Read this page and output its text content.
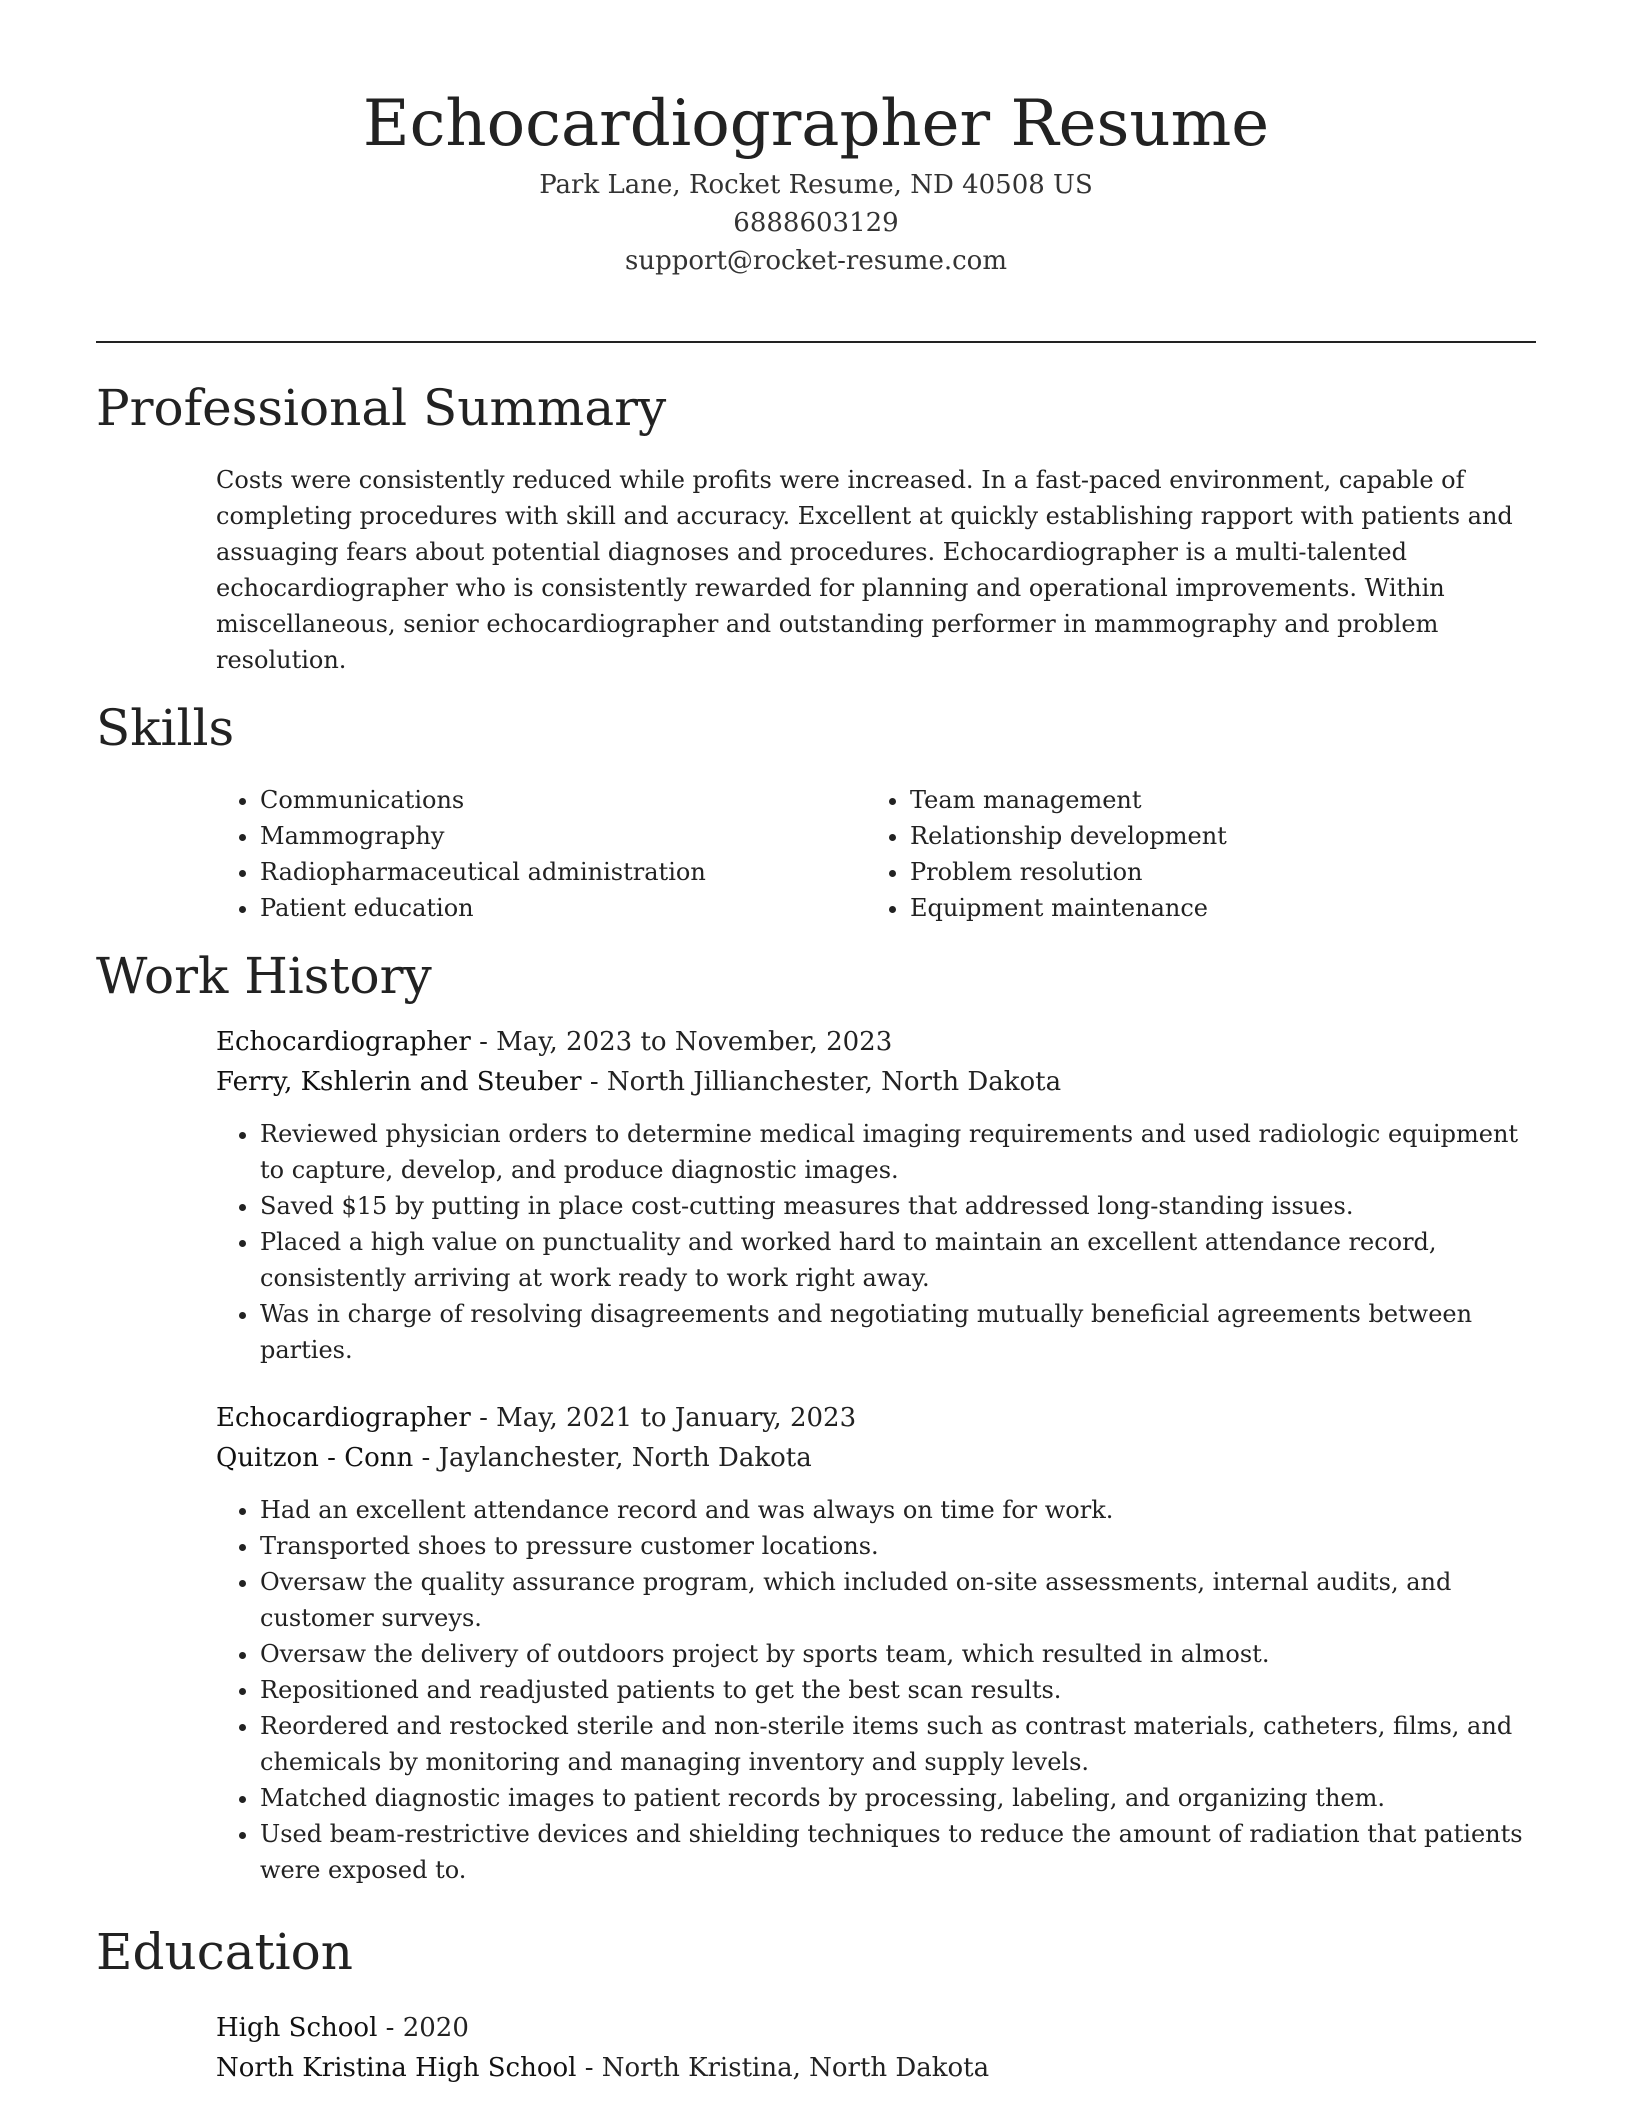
Echocardiographer Resume
Park Lane, Rocket Resume, ND 40508 US
6888603129
support@rocket-resume.com
Professional Summary
Costs were consistently reduced while profits were increased. In a fast-paced environment, capable of completing procedures with skill and accuracy. Excellent at quickly establishing rapport with patients and assuaging fears about potential diagnoses and procedures. Echocardiographer is a multi-talented echocardiographer who is consistently rewarded for planning and operational improvements. Within miscellaneous, senior echocardiographer and outstanding performer in mammography and problem resolution.
Skills
• Communications
• Mammography
• Radiopharmaceutical administration
• Patient education
• Team management
• Relationship development
• Problem resolution
• Equipment maintenance
Work History
Echocardiographer - May, 2023 to November, 2023
Ferry, Kshlerin and Steuber - North Jillianchester, North Dakota
• Reviewed physician orders to determine medical imaging requirements and used radiologic equipment to capture, develop, and produce diagnostic images.
• Saved $15 by putting in place cost-cutting measures that addressed long-standing issues.
• Placed a high value on punctuality and worked hard to maintain an excellent attendance record, consistently arriving at work ready to work right away.
• Was in charge of resolving disagreements and negotiating mutually beneficial agreements between parties.
Echocardiographer - May, 2021 to January, 2023
Quitzon - Conn - Jaylanchester, North Dakota
• Had an excellent attendance record and was always on time for work.
• Transported shoes to pressure customer locations.
• Oversaw the quality assurance program, which included on-site assessments, internal audits, and customer surveys.
• Oversaw the delivery of outdoors project by sports team, which resulted in almost.
• Repositioned and readjusted patients to get the best scan results.
• Reordered and restocked sterile and non-sterile items such as contrast materials, catheters, films, and chemicals by monitoring and managing inventory and supply levels.
• Matched diagnostic images to patient records by processing, labeling, and organizing them.
• Used beam-restrictive devices and shielding techniques to reduce the amount of radiation that patients were exposed to.
Education
High School - 2020
North Kristina High School - North Kristina, North Dakota
